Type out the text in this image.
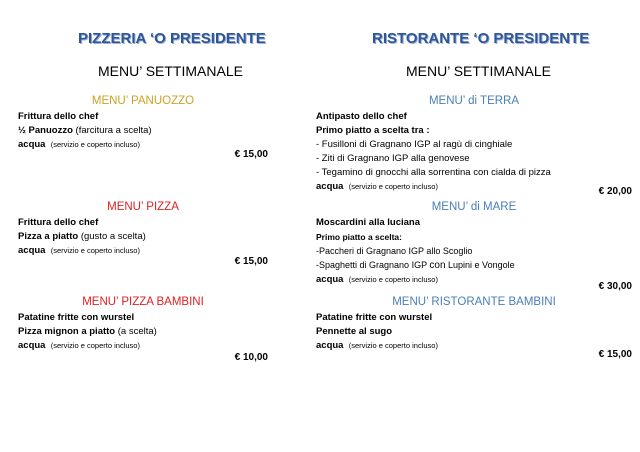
PIZZERIA ‘O PRESIDENTE
MENU’ SETTIMANALE
MENU’ PANUOZZO
Frittura dello chef
½ Panuozzo (farcitura a scelta)
acqua (servizio e coperto incluso)
€ 15,00
MENU’ PIZZA
Frittura dello chef
Pizza a piatto (gusto a scelta)
acqua (servizio e coperto incluso)
€ 15,00
MENU’ PIZZA BAMBINI
Patatine fritte con wurstel
Pizza mignon a piatto (a scelta)
acqua (servizio e coperto incluso)
€ 10,00
RISTORANTE ‘O PRESIDENTE
MENU’ SETTIMANALE
MENU’ di TERRA
Antipasto dello chef
Primo piatto a scelta tra :
- Fusilloni di Gragnano IGP al ragù di cinghiale
- Ziti di Gragnano IGP alla genovese
- Tegamino di gnocchi alla sorrentina con cialda di pizza
acqua (servizio e coperto incluso)	€ 20,00
MENU’ di MARE
Moscardini alla luciana
Primo piatto a scelta:
-Paccheri di Gragnano IGP allo Scoglio
-Spaghetti di Gragnano IGP con Lupini e Vongole
acqua (servizio e coperto incluso)
€ 30,00
MENU’ RISTORANTE BAMBINI
Patatine fritte con wurstel
Pennette al sugo
acqua (servizio e coperto incluso)
€ 15,00
